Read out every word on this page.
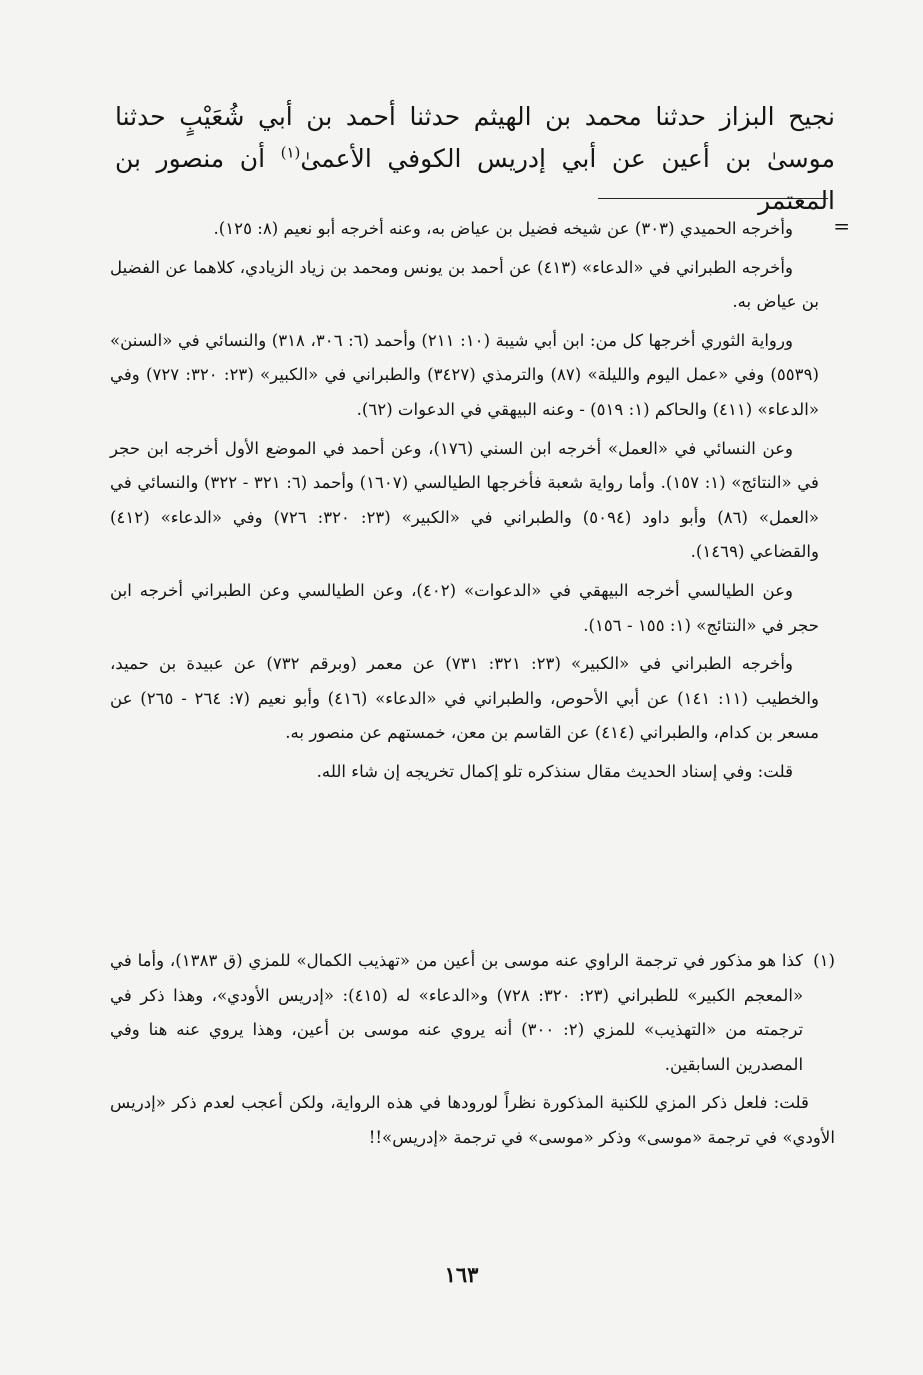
نجيح البزاز حدثنا محمد بن الهيثم حدثنا أحمد بن أبي شُعَيْبٍ حدثنا

موسىٰ بن أعين عن أبي إدريس الكوفي الأعمىٰ$^{(١)}$ أن منصور بن المعتمر

=

وأخرجه الحميدي (٣٠٣) عن شيخه فضيل بن عياض به، وعنه أخرجه أبو نعيم (٨: ١٢٥).

وأخرجه الطبراني في «الدعاء» (٤١٣) عن أحمد بن يونس ومحمد بن زياد الزيادي، كلاهما عن الفضيل بن عياض به.

ورواية الثوري أخرجها كل من: ابن أبي شيبة (١٠: ٢١١) وأحمد (٦: ٣٠٦، ٣١٨) والنسائي في «السنن» (٥٥٣٩) وفي «عمل اليوم والليلة» (٨٧) والترمذي (٣٤٢٧) والطبراني في «الكبير» (٢٣: ٣٢٠: ٧٢٧) وفي «الدعاء» (٤١١) والحاكم (١: ٥١٩) - وعنه البيهقي في الدعوات (٦٢).

وعن النسائي في «العمل» أخرجه ابن السني (١٧٦)، وعن أحمد في الموضع الأول أخرجه ابن حجر في «النتائج» (١: ١٥٧). وأما رواية شعبة فأخرجها الطيالسي (١٦٠٧) وأحمد (٦: ٣٢١ - ٣٢٢) والنسائي في «العمل» (٨٦) وأبو داود (٥٠٩٤) والطبراني في «الكبير» (٢٣: ٣٢٠: ٧٢٦) وفي «الدعاء» (٤١٢) والقضاعي (١٤٦٩).

وعن الطيالسي أخرجه البيهقي في «الدعوات» (٤٠٢)، وعن الطيالسي وعن الطبراني أخرجه ابن حجر في «النتائج» (١: ١٥٥ - ١٥٦).

وأخرجه الطبراني في «الكبير» (٢٣: ٣٢١: ٧٣١) عن معمر (وبرقم ٧٣٢) عن عبيدة بن حميد، والخطيب (١١: ١٤١) عن أبي الأحوص، والطبراني في «الدعاء» (٤١٦) وأبو نعيم (٧: ٢٦٤ - ٢٦٥) عن مسعر بن كدام، والطبراني (٤١٤) عن القاسم بن معن، خمستهم عن منصور به.

قلت: وفي إسناد الحديث مقال سنذكره تلو إكمال تخريجه إن شاء الله.

(١)
كذا هو مذكور في ترجمة الراوي عنه موسى بن أعين من «تهذيب الكمال» للمزي (ق ١٣٨٣)، وأما في «المعجم الكبير» للطبراني (٢٣: ٣٢٠: ٧٢٨) و«الدعاء» له (٤١٥): «إدريس الأودي»، وهذا ذكر في ترجمته من «التهذيب» للمزي (٢: ٣٠٠) أنه يروي عنه موسى بن أعين، وهذا يروي عنه هنا وفي المصدرين السابقين.

قلت: فلعل ذكر المزي للكنية المذكورة نظراً لورودها في هذه الرواية، ولكن أعجب لعدم ذكر «إدريس الأودي» في ترجمة «موسى» وذكر «موسى» في ترجمة «إدريس»!!

١٦٣
